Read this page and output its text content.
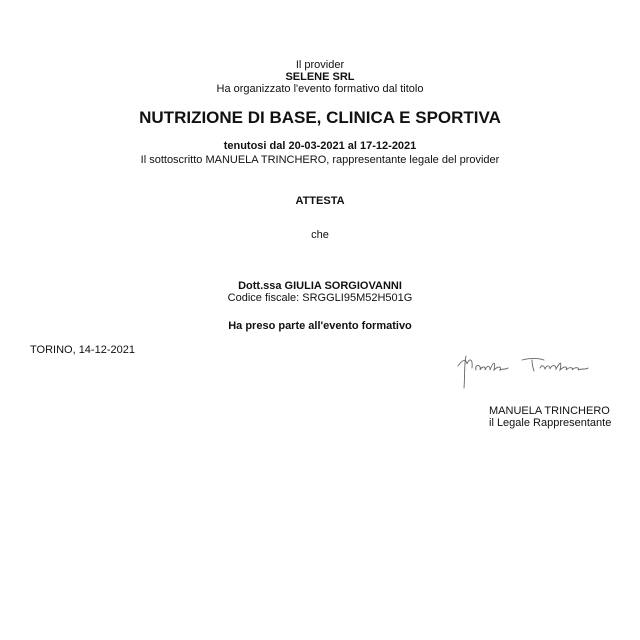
Il provider
SELENE SRL
Ha organizzato l'evento formativo dal titolo
NUTRIZIONE DI BASE, CLINICA E SPORTIVA
tenutosi dal 20-03-2021 al 17-12-2021
Il sottoscritto MANUELA TRINCHERO, rappresentante legale del provider
ATTESTA
che
Dott.ssa GIULIA SORGIOVANNI
Codice fiscale: SRGGLI95M52H501G
Ha preso parte all'evento formativo
TORINO, 14-12-2021
MANUELA TRINCHERO
il Legale Rappresentante
